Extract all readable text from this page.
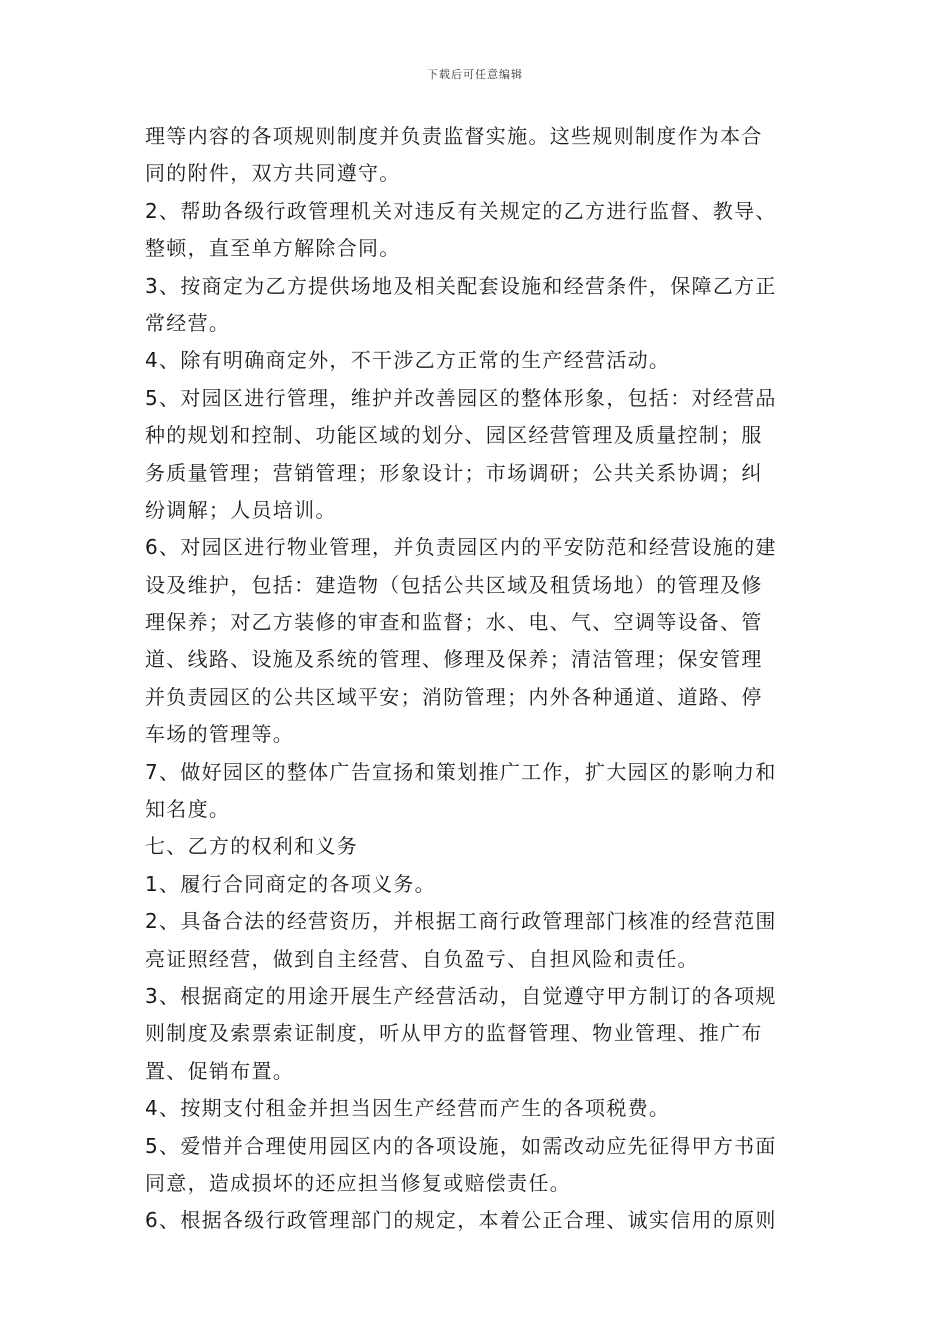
下载后可任意编辑
理等内容的各项规则制度并负责监督实施。这些规则制度作为本合
同的附件，双方共同遵守。
2、帮助各级行政管理机关对违反有关规定的乙方进行监督、教导、
整顿，直至单方解除合同。
3、按商定为乙方提供场地及相关配套设施和经营条件，保障乙方正
常经营。
4、除有明确商定外，不干涉乙方正常的生产经营活动。
5、对园区进行管理，维护并改善园区的整体形象，包括：对经营品
种的规划和控制、功能区域的划分、园区经营管理及质量控制；服
务质量管理；营销管理；形象设计；市场调研；公共关系协调；纠
纷调解；人员培训。
6、对园区进行物业管理，并负责园区内的平安防范和经营设施的建
设及维护，包括：建造物（包括公共区域及租赁场地）的管理及修
理保养；对乙方装修的审查和监督；水、电、气、空调等设备、管
道、线路、设施及系统的管理、修理及保养；清洁管理；保安管理
并负责园区的公共区域平安；消防管理；内外各种通道、道路、停
车场的管理等。
7、做好园区的整体广告宣扬和策划推广工作，扩大园区的影响力和
知名度。
七、乙方的权利和义务
1、履行合同商定的各项义务。
2、具备合法的经营资历，并根据工商行政管理部门核准的经营范围
亮证照经营，做到自主经营、自负盈亏、自担风险和责任。
3、根据商定的用途开展生产经营活动，自觉遵守甲方制订的各项规
则制度及索票索证制度，听从甲方的监督管理、物业管理、推广布
置、促销布置。
4、按期支付租金并担当因生产经营而产生的各项税费。
5、爱惜并合理使用园区内的各项设施，如需改动应先征得甲方书面
同意，造成损坏的还应担当修复或赔偿责任。
6、根据各级行政管理部门的规定，本着公正合理、诚实信用的原则
